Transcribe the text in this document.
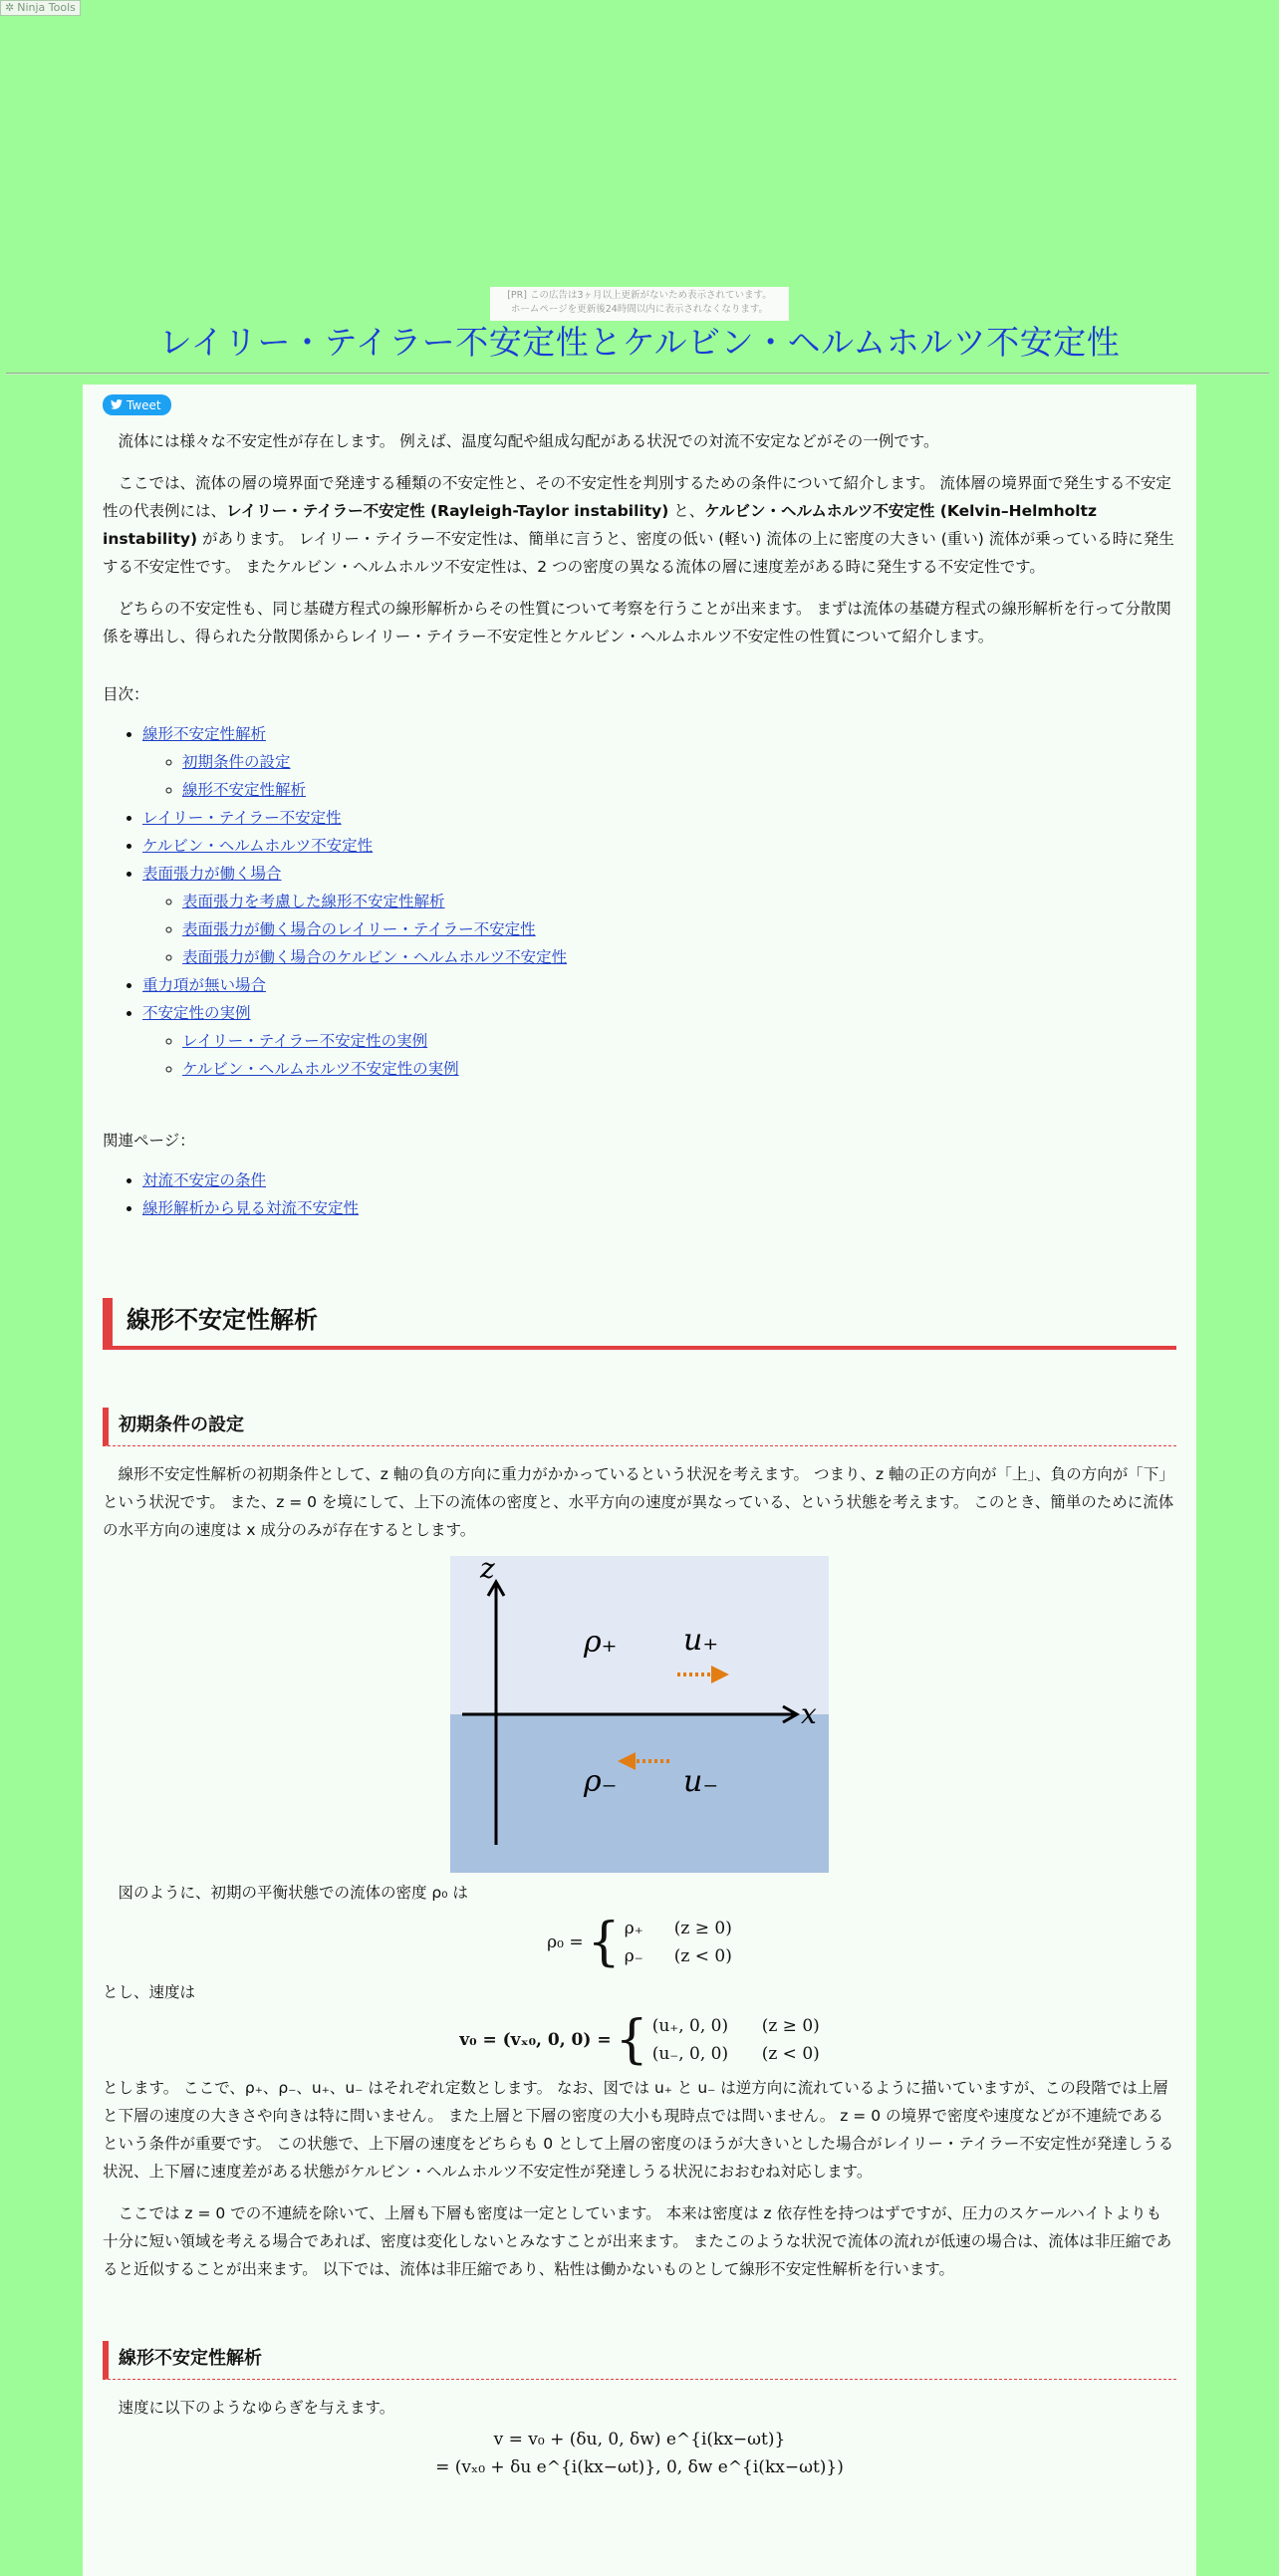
✲ Ninja Tools
[PR] この広告は3ヶ月以上更新がないため表示されています。
ホームページを更新後24時間以内に表示されなくなります。
レイリー・テイラー不安定性とケルビン・ヘルムホルツ不安定性
Tweet

流体には様々な不安定性が存在します。 例えば、温度勾配や組成勾配がある状況での対流不安定などがその一例です。

ここでは、流体の層の境界面で発達する種類の不安定性と、その不安定性を判別するための条件について紹介します。 流体層の境界面で発生する不安定性の代表例には、レイリー・テイラー不安定性 (Rayleigh-Taylor instability) と、ケルビン・ヘルムホルツ不安定性 (Kelvin–Helmholtz instability) があります。 レイリー・テイラー不安定性は、簡単に言うと、密度の低い (軽い) 流体の上に密度の大きい (重い) 流体が乗っている時に発生する不安定性です。 またケルビン・ヘルムホルツ不安定性は、2 つの密度の異なる流体の層に速度差がある時に発生する不安定性です。

どちらの不安定性も、同じ基礎方程式の線形解析からその性質について考察を行うことが出来ます。 まずは流体の基礎方程式の線形解析を行って分散関係を導出し、得られた分散関係からレイリー・テイラー不安定性とケルビン・ヘルムホルツ不安定性の性質について紹介します。

目次：
• 線形不安定性解析
◦ 初期条件の設定
◦ 線形不安定性解析
• レイリー・テイラー不安定性
• ケルビン・ヘルムホルツ不安定性
• 表面張力が働く場合
◦ 表面張力を考慮した線形不安定性解析
◦ 表面張力が働く場合のレイリー・テイラー不安定性
◦ 表面張力が働く場合のケルビン・ヘルムホルツ不安定性
• 重力項が無い場合
• 不安定性の実例
◦ レイリー・テイラー不安定性の実例
◦ ケルビン・ヘルムホルツ不安定性の実例
関連ページ：
• 対流不安定の条件
• 線形解析から見る対流不安定性
線形不安定性解析
初期条件の設定

線形不安定性解析の初期条件として、z 軸の負の方向に重力がかかっているという状況を考えます。 つまり、z 軸の正の方向が「上」、負の方向が「下」という状況です。 また、z = 0 を境にして、上下の流体の密度と、水平方向の速度が異なっている、という状態を考えます。 このとき、簡単のために流体の水平方向の速度は x 成分のみが存在するとします。

z
x
ρ₊ u₊
ρ₋ u₋

図のように、初期の平衡状態での流体の密度 ρ₀ は

ρ₀ = { ρ₊ (z ≥ 0)
ρ₋ (z < 0)

とし、速度は

v₀ = (vₓ₀, 0, 0) = { (u₊, 0, 0) (z ≥ 0)
(u₋, 0, 0) (z < 0)

とします。 ここで、ρ₊、ρ₋、u₊、u₋ はそれぞれ定数とします。 なお、図では u₊ と u₋ は逆方向に流れているように描いていますが、この段階では上層と下層の速度の大きさや向きは特に問いません。 また上層と下層の密度の大小も現時点では問いません。 z = 0 の境界で密度や速度などが不連続であるという条件が重要です。 この状態で、上下層の速度をどちらも 0 として上層の密度のほうが大きいとした場合がレイリー・テイラー不安定性が発達しうる状況、上下層に速度差がある状態がケルビン・ヘルムホルツ不安定性が発達しうる状況におおむね対応します。

ここでは z = 0 での不連続を除いて、上層も下層も密度は一定としています。 本来は密度は z 依存性を持つはずですが、圧力のスケールハイトよりも十分に短い領域を考える場合であれば、密度は変化しないとみなすことが出来ます。 またこのような状況で流体の流れが低速の場合は、流体は非圧縮であると近似することが出来ます。 以下では、流体は非圧縮であり、粘性は働かないものとして線形不安定性解析を行います。

線形不安定性解析

速度に以下のようなゆらぎを与えます。

v = v₀ + (δu, 0, δw) e^{i(kx−ωt)}
= (vₓ₀ + δu e^{i(kx−ωt)}, 0, δw e^{i(kx−ωt)})
